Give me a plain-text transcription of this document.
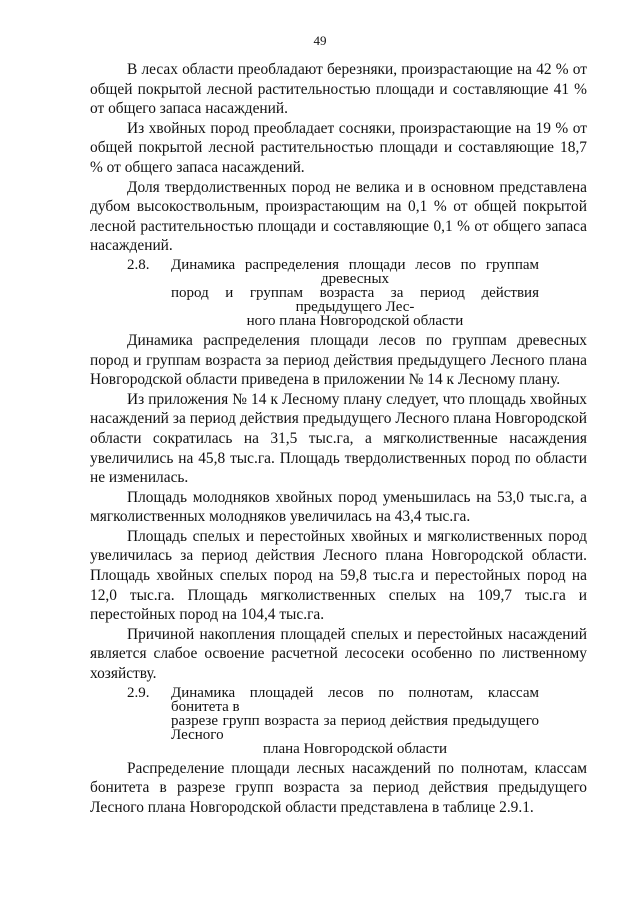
49

В лесах области преобладают березняки, произрастающие на 42 % от общей покрытой лесной растительностью площади и составляющие 41 % от общего запаса насаждений.

Из хвойных пород преобладает сосняки, произрастающие на 19 % от общей покрытой лесной растительностью площади и составляющие 18,7 % от общего запаса насаждений.

Доля твердолиственных пород не велика и в основном представлена дубом высокоствольным, произрастающим на 0,1 % от общей покрытой лесной растительностью площади и составляющие 0,1 % от общего запаса насаждений.

2.8.	Динамика распределения площади лесов по группам древесных
пород и группам возраста за период действия предыдущего Лес-
ного плана Новгородской области

Динамика распределения площади лесов по группам древесных пород и группам возраста за период действия предыдущего Лесного плана Новгородской области приведена в приложении № 14 к Лесному плану.

Из приложения № 14 к Лесному плану следует, что площадь хвойных насаждений за период действия предыдущего Лесного плана Новгородской области сократилась на 31,5 тыс.га, а мягколиственные насаждения увеличились на 45,8 тыс.га. Площадь твердолиственных пород по области не изменилась.

Площадь молодняков хвойных пород уменьшилась на 53,0 тыс.га, а мягколиственных молодняков увеличилась на 43,4 тыс.га.

Площадь спелых и перестойных хвойных и мягколиственных пород увеличилась за период действия Лесного плана Новгородской области. Площадь хвойных спелых пород на 59,8 тыс.га и перестойных пород на 12,0 тыс.га. Площадь мягколиственных спелых на 109,7 тыс.га и перестойных пород на 104,4 тыс.га.

Причиной накопления площадей спелых и перестойных насаждений является слабое освоение расчетной лесосеки особенно по лиственному хозяйству.

2.9.	Динамика площадей лесов по полнотам, классам бонитета в
разрезе групп возраста за период действия предыдущего Лесного
плана Новгородской области

Распределение площади лесных насаждений по полнотам, классам бонитета в разрезе групп возраста за период действия предыдущего Лесного плана Новгородской области представлена в таблице 2.9.1.
